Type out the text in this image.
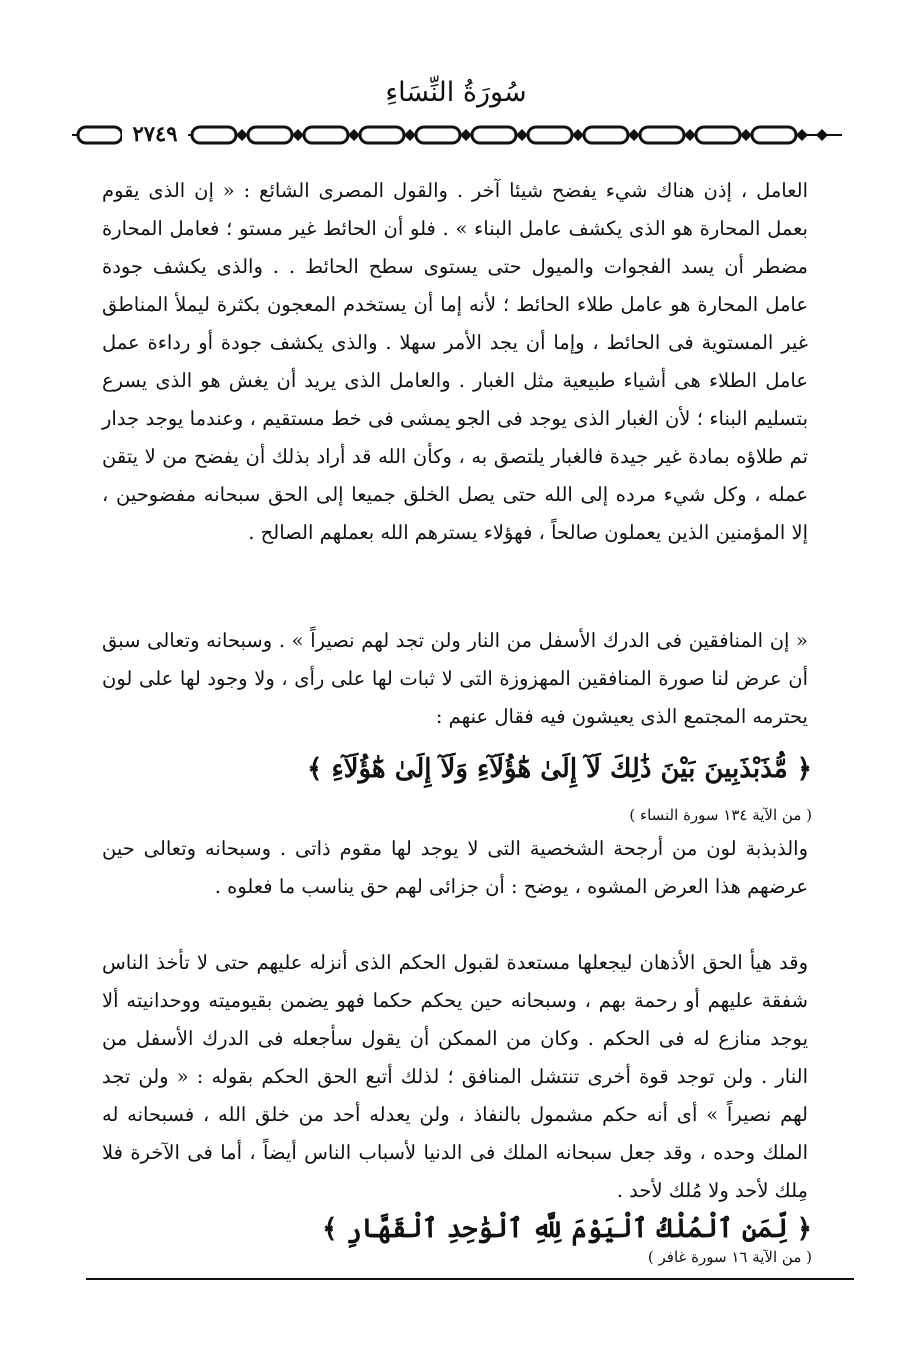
سُورَةُ النِّسَاءِ
٢٧٤٩

العامل ، إذن هناك شيء يفضح شيئا آخر . والقول المصرى الشائع : « إن الذى يقوم بعمل المحارة هو الذى يكشف عامل البناء » . فلو أن الحائط غير مستو ؛ فعامل المحارة مضطر أن يسد الفجوات والميول حتى يستوى سطح الحائط . . والذى يكشف جودة عامل المحارة هو عامل طلاء الحائط ؛ لأنه إما أن يستخدم المعجون بكثرة ليملأ المناطق غير المستوية فى الحائط ، وإما أن يجد الأمر سهلا . والذى يكشف جودة أو رداءة عمل عامل الطلاء هى أشياء طبيعية مثل الغبار . والعامل الذى يريد أن يغش هو الذى يسرع بتسليم البناء ؛ لأن الغبار الذى يوجد فى الجو يمشى فى خط مستقيم ، وعندما يوجد جدار تم طلاؤه بمادة غير جيدة فالغبار يلتصق به ، وكأن الله قد أراد بذلك أن يفضح من لا يتقن عمله ، وكل شيء مرده إلى الله حتى يصل الخلق جميعا إلى الحق سبحانه مفضوحين ، إلا المؤمنين الذين يعملون صالحاً ، فهؤلاء يسترهم الله بعملهم الصالح .

« إن المنافقين فى الدرك الأسفل من النار ولن تجد لهم نصيراً » . وسبحانه وتعالى سبق أن عرض لنا صورة المنافقين المهزوزة التى لا ثبات لها على رأى ، ولا وجود لها على لون يحترمه المجتمع الذى يعيشون فيه فقال عنهم :

﴿ مُّذَبْذَبِينَ بَيْنَ ذَٰلِكَ لَآ إِلَىٰ هَٰٓؤُلَآءِ وَلَآ إِلَىٰ هَٰٓؤُلَآءِ ﴾
( من الآية ١٣٤ سورة النساء )

والذبذبة لون من أرجحة الشخصية التى لا يوجد لها مقوم ذاتى . وسبحانه وتعالى حين عرضهم هذا العرض المشوه ، يوضح : أن جزائى لهم حق يناسب ما فعلوه .

وقد هيأ الحق الأذهان ليجعلها مستعدة لقبول الحكم الذى أنزله عليهم حتى لا تأخذ الناس شفقة عليهم أو رحمة بهم ، وسبحانه حين يحكم حكما فهو يضمن بقيوميته ووحدانيته ألا يوجد منازع له فى الحكم . وكان من الممكن أن يقول سأجعله فى الدرك الأسفل من النار . ولن توجد قوة أخرى تنتشل المنافق ؛ لذلك أتبع الحق الحكم بقوله : « ولن تجد لهم نصيراً » أى أنه حكم مشمول بالنفاذ ، ولن يعدله أحد من خلق الله ، فسبحانه له الملك وحده ، وقد جعل سبحانه الملك فى الدنيا لأسباب الناس أيضاً ، أما فى الآخرة فلا مِلك لأحد ولا مُلك لأحد .

﴿ لِّمَنِ ٱلْمُلْكُ ٱلْيَوْمَ لِلَّهِ ٱلْوَٰحِدِ ٱلْقَهَّارِ ﴾
( من الآية ١٦ سورة غافر )
